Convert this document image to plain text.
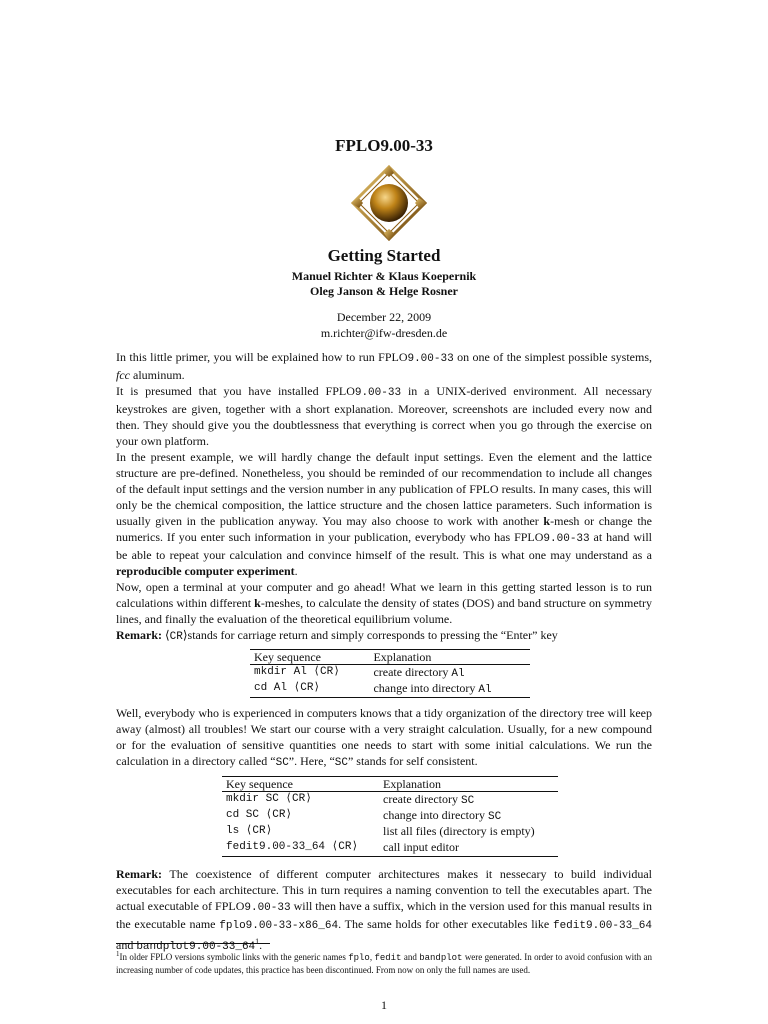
FPLO9.00-33
Getting Started
Manuel Richter & Klaus Koepernik
Oleg Janson & Helge Rosner
December 22, 2009
m.richter@ifw-dresden.de

In this little primer, you will be explained how to run FPLO9.00-33 on one of the simplest possible systems, fcc aluminum.

It is presumed that you have installed FPLO9.00-33 in a UNIX-derived environment. All necessary keystrokes are given, together with a short explanation. Moreover, screenshots are included every now and then. They should give you the doubtlessness that everything is correct when you go through the exercise on your own platform.

In the present example, we will hardly change the default input settings. Even the element and the lattice structure are pre-defined. Nonetheless, you should be reminded of our recommendation to include all changes of the default input settings and the version number in any publication of FPLO results. In many cases, this will only be the chemical composition, the lattice structure and the chosen lattice parameters. Such information is usually given in the publication anyway. You may also choose to work with another k-mesh or change the numerics. If you enter such information in your publication, everybody who has FPLO9.00-33 at hand will be able to repeat your calculation and convince himself of the result. This is what one may understand as a reproducible computer experiment.

Now, open a terminal at your computer and go ahead! What we learn in this getting started lesson is to run calculations within different k-meshes, to calculate the density of states (DOS) and band structure on symmetry lines, and finally the evaluation of the theoretical equilibrium volume.

Remark: ⟨CR⟩stands for carriage return and simply corresponds to pressing the “Enter” key

Key sequence	Explanation
mkdir Al ⟨CR⟩	create directory Al
cd Al ⟨CR⟩	change into directory Al

Well, everybody who is experienced in computers knows that a tidy organization of the directory tree will keep away (almost) all troubles! We start our course with a very straight calculation. Usually, for a new compound or for the evaluation of sensitive quantities one needs to start with some initial calculations. We run the calculation in a directory called “SC”. Here, “SC” stands for self consistent.

Key sequence	Explanation
mkdir SC ⟨CR⟩	create directory SC
cd SC ⟨CR⟩	change into directory SC
ls ⟨CR⟩	list all files (directory is empty)
fedit9.00-33_64 ⟨CR⟩	call input editor

Remark: The coexistence of different computer architectures makes it nessecary to build individual executables for each architecture. This in turn requires a naming convention to tell the executables apart. The actual executable of FPLO9.00-33 will then have a suffix, which in the version used for this manual results in the executable name fplo9.00-33-x86_64. The same holds for other executables like fedit9.00-33_64 and $bandplot9.00-33\_64^1$.

$^1$In older FPLO versions symbolic links with the generic names fplo, fedit and bandplot were generated. In order to avoid confusion with an increasing number of code updates, this practice has been discontinued. From now on only the full names are used.
1
